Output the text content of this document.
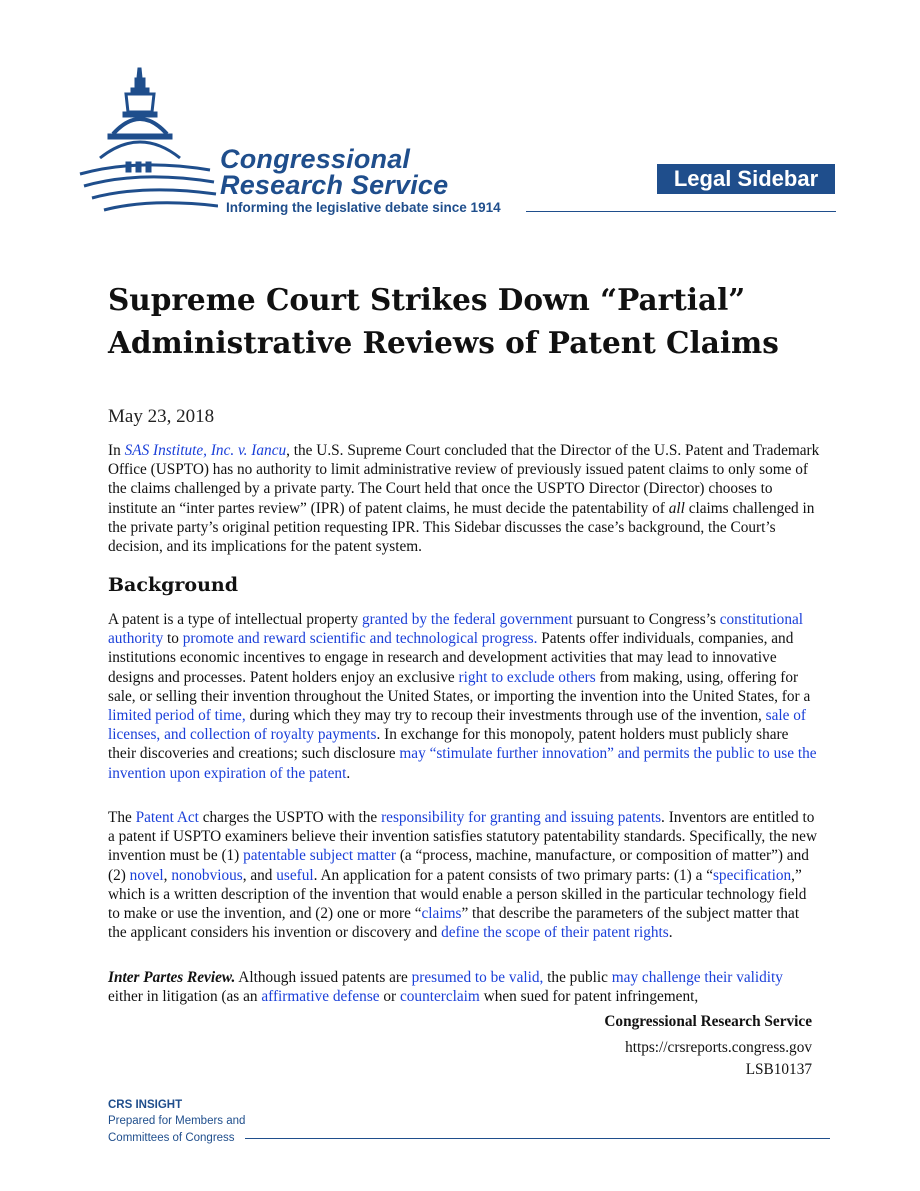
Congressional
Research Service
Informing the legislative debate since 1914
Legal Sidebar
Supreme Court Strikes Down “Partial” Administrative Reviews of Patent Claims
May 23, 2018
In SAS Institute, Inc. v. Iancu, the U.S. Supreme Court concluded that the Director of the U.S. Patent and Trademark Office (USPTO) has no authority to limit administrative review of previously issued patent claims to only some of the claims challenged by a private party. The Court held that once the USPTO Director (Director) chooses to institute an “inter partes review” (IPR) of patent claims, he must decide the patentability of all claims challenged in the private party’s original petition requesting IPR. This Sidebar discusses the case’s background, the Court’s decision, and its implications for the patent system.
Background
A patent is a type of intellectual property granted by the federal government pursuant to Congress’s constitutional authority to promote and reward scientific and technological progress. Patents offer individuals, companies, and institutions economic incentives to engage in research and development activities that may lead to innovative designs and processes. Patent holders enjoy an exclusive right to exclude others from making, using, offering for sale, or selling their invention throughout the United States, or importing the invention into the United States, for a limited period of time, during which they may try to recoup their investments through use of the invention, sale of licenses, and collection of royalty payments. In exchange for this monopoly, patent holders must publicly share their discoveries and creations; such disclosure may “stimulate further innovation” and permits the public to use the invention upon expiration of the patent.
The Patent Act charges the USPTO with the responsibility for granting and issuing patents. Inventors are entitled to a patent if USPTO examiners believe their invention satisfies statutory patentability standards. Specifically, the new invention must be (1) patentable subject matter (a “process, machine, manufacture, or composition of matter”) and (2) novel, nonobvious, and useful. An application for a patent consists of two primary parts: (1) a “specification,” which is a written description of the invention that would enable a person skilled in the particular technology field to make or use the invention, and (2) one or more “claims” that describe the parameters of the subject matter that the applicant considers his invention or discovery and define the scope of their patent rights.
Inter Partes Review. Although issued patents are presumed to be valid, the public may challenge their validity either in litigation (as an affirmative defense or counterclaim when sued for patent infringement,
Congressional Research Service
https://crsreports.congress.gov
LSB10137
CRS INSIGHT
Prepared for Members and
Committees of Congress
